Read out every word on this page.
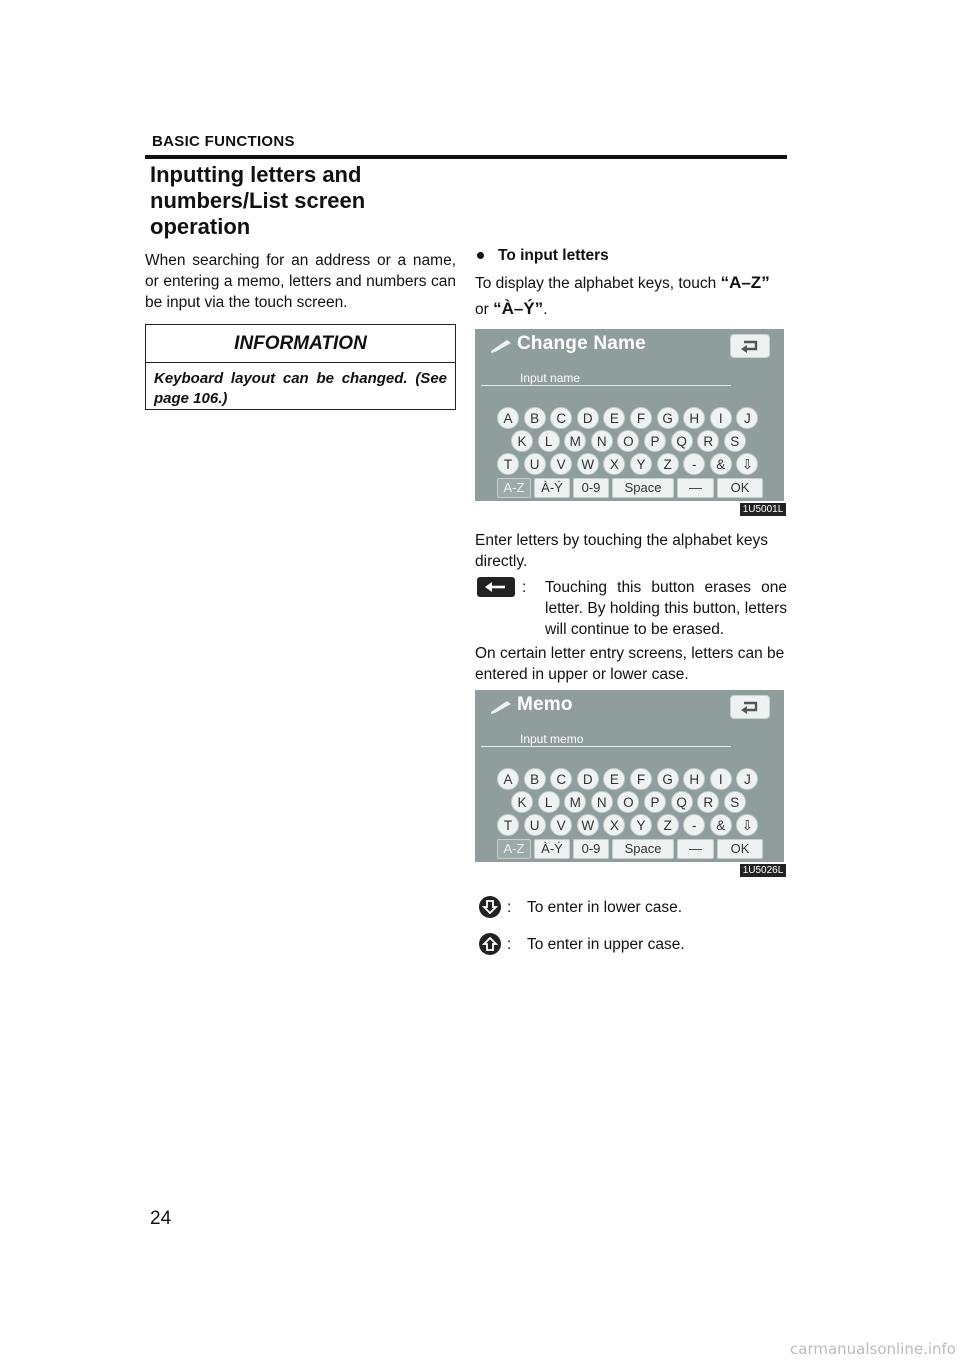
BASIC FUNCTIONS
Inputting letters and numbers/List screen operation
When searching for an address or a name, or entering a memo, letters and numbers can be input via the touch screen.
INFORMATION
Keyboard layout can be changed. (See page 106.)
To input letters
To display the alphabet keys, touch “A–Z”
or “À–Ý”.
Change Name
Input name
A-Z	À-Ý	0-9	Space	—	OK
A	B	C	D	E	F	G	H	I	J
K	L	M	N	O	P	Q	R	S
T	U	V	W	X	Y	Z	-	&	⇩
1U5001L
Enter letters by touching the alphabet keys directly.
: Touching this button erases one letter. By holding this button, letters will continue to be erased.
On certain letter entry screens, letters can be entered in upper or lower case.
Memo
Input memo
A-Z	À-Ý	0-9	Space	—	OK
A	B	C	D	E	F	G	H	I	J
K	L	M	N	O	P	Q	R	S
T	U	V	W	X	Y	Z	-	&	⇩
1U5026L
: To enter in lower case.
: To enter in upper case.
24
carmanualsonline.info
